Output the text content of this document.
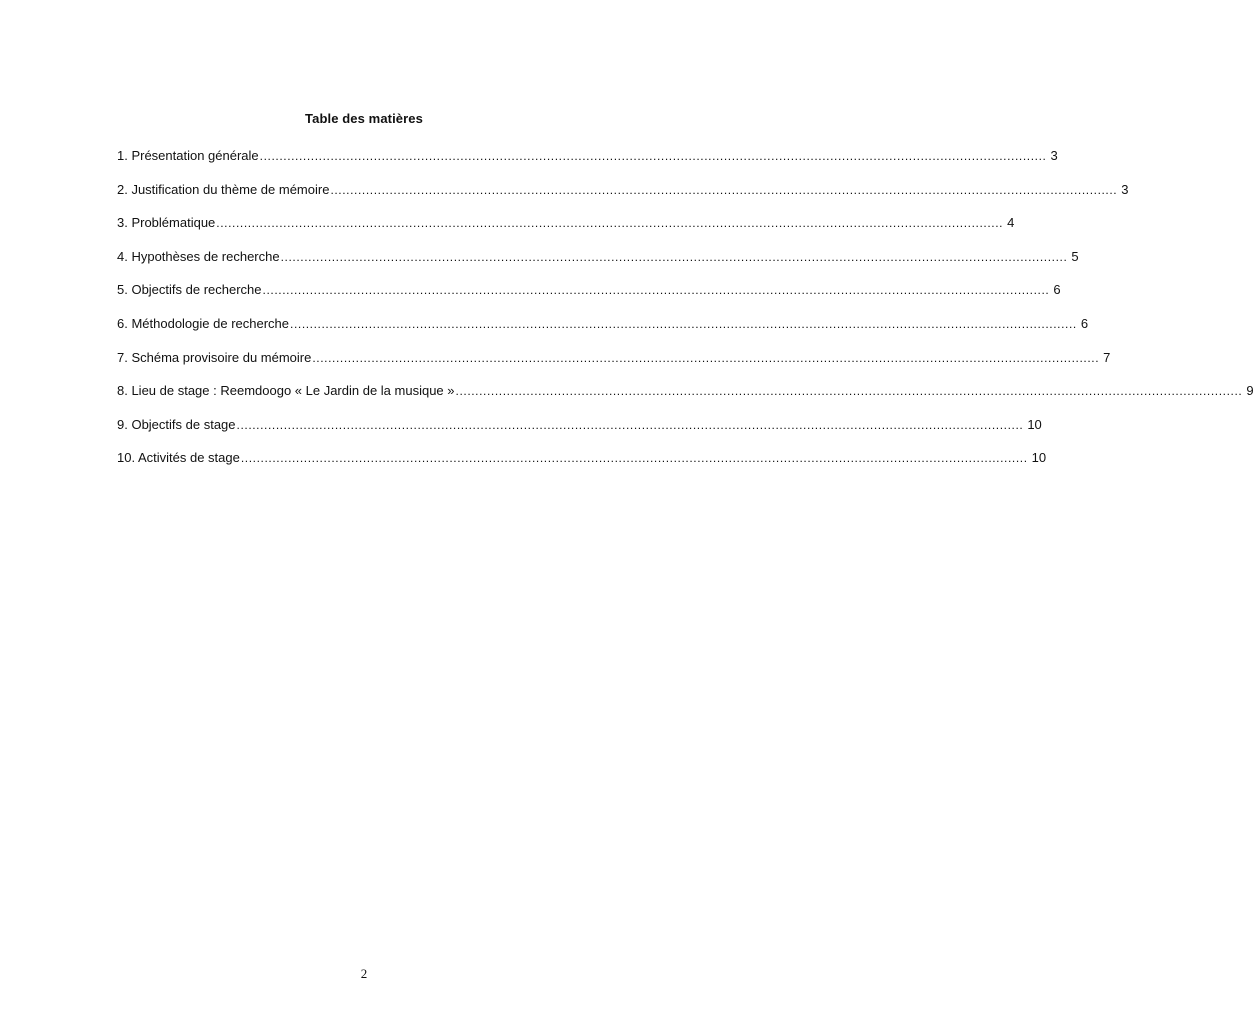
Table des matières
1. Présentation générale ........................................................................................................................................................................................................ 3
2. Justification du thème de mémoire ........................................................................................................................................................................................................ 3
3. Problématique ........................................................................................................................................................................................................ 4
4. Hypothèses de recherche ........................................................................................................................................................................................................ 5
5. Objectifs de recherche ........................................................................................................................................................................................................ 6
6. Méthodologie de recherche ........................................................................................................................................................................................................ 6
7. Schéma provisoire du mémoire ........................................................................................................................................................................................................ 7
8. Lieu de stage : Reemdoogo « Le Jardin de la musique » ........................................................................................................................................................................................................ 9
9. Objectifs de stage ........................................................................................................................................................................................................ 10
10. Activités de stage ........................................................................................................................................................................................................ 10
2
